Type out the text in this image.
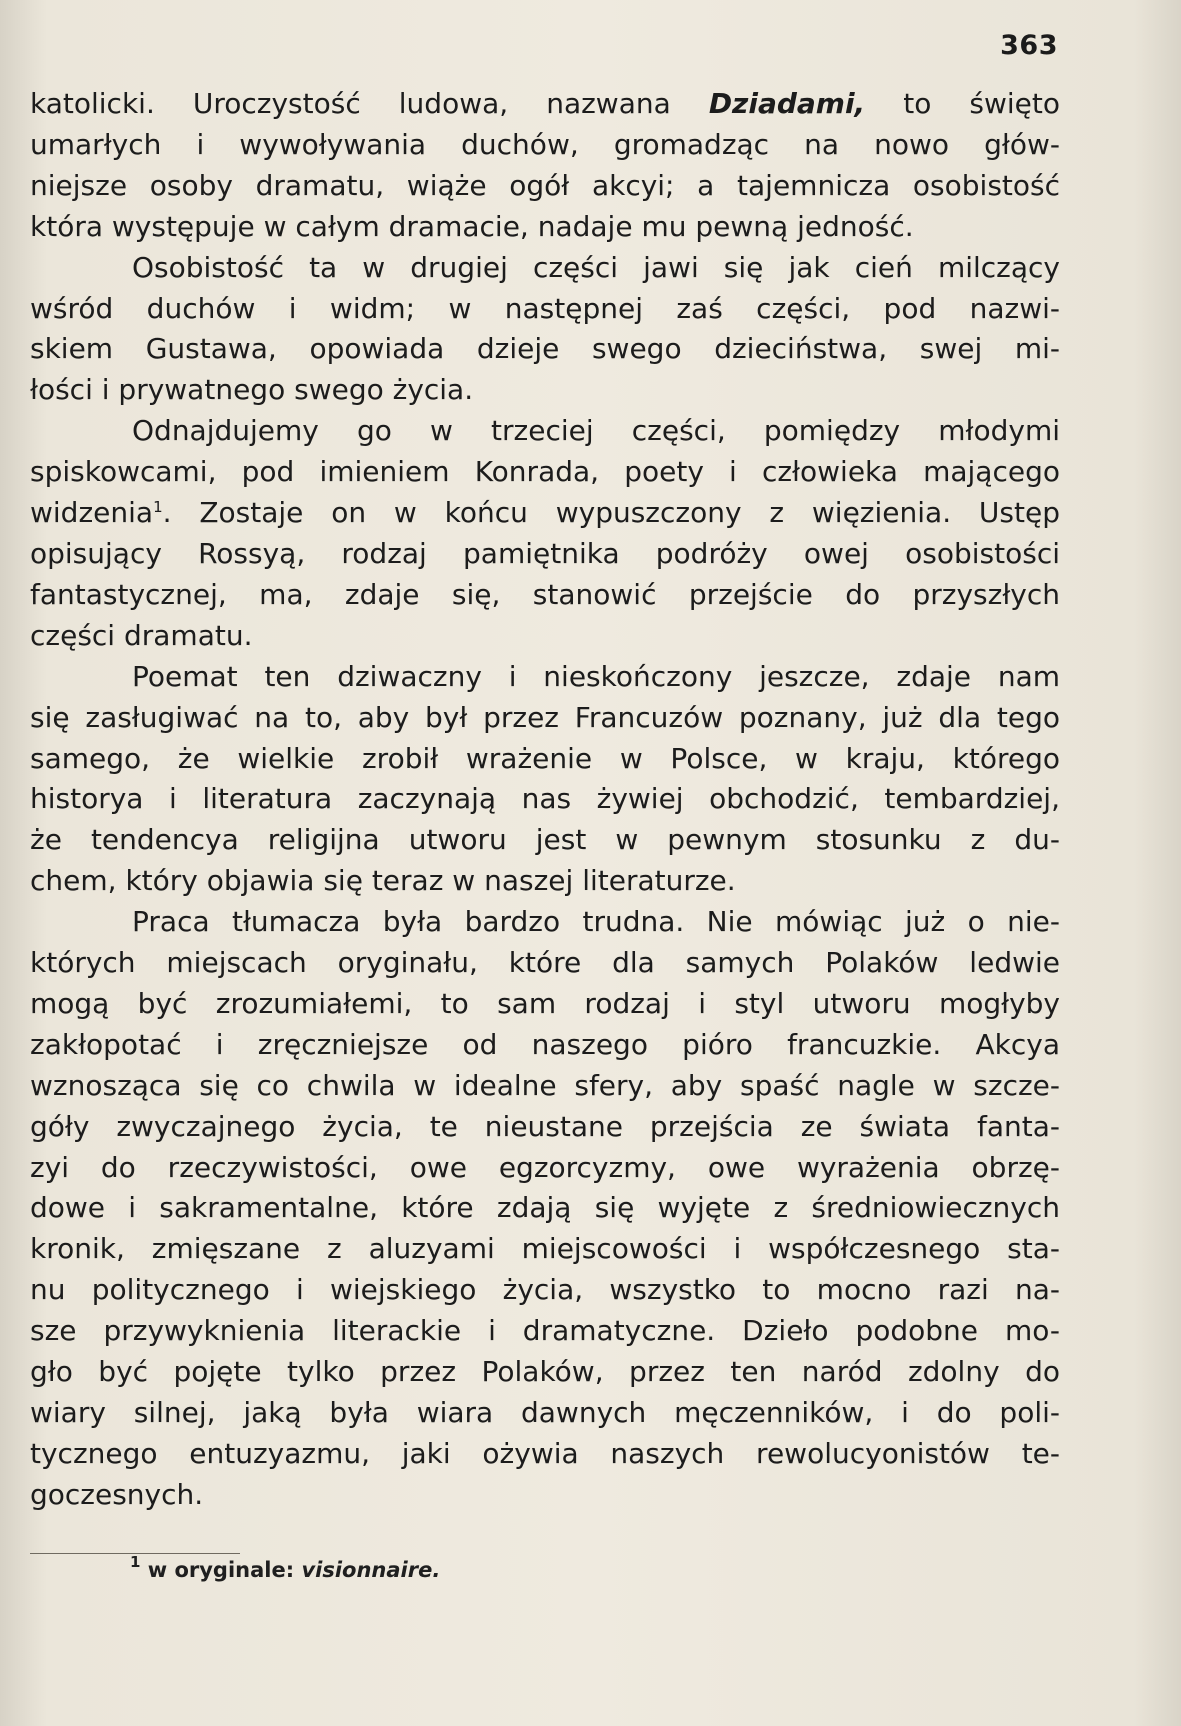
363
katolicki. Uroczystość ludowa, nazwana Dziadami, to święto
umarłych i wywoływania duchów, gromadząc na nowo głów-
niejsze osoby dramatu, wiąże ogół akcyi; a tajemnicza osobistość
która występuje w całym dramacie, nadaje mu pewną jedność.
Osobistość ta w drugiej części jawi się jak cień milczący
wśród duchów i widm; w następnej zaś części, pod nazwi-
skiem Gustawa, opowiada dzieje swego dzieciństwa, swej mi-
łości i prywatnego swego życia.
Odnajdujemy go w trzeciej części, pomiędzy młodymi
spiskowcami, pod imieniem Konrada, poety i człowieka mającego
widzenia$^1$. Zostaje on w końcu wypuszczony z więzienia. Ustęp
opisujący Rossyą, rodzaj pamiętnika podróży owej osobistości
fantastycznej, ma, zdaje się, stanowić przejście do przyszłych
części dramatu.
Poemat ten dziwaczny i nieskończony jeszcze, zdaje nam
się zasługiwać na to, aby był przez Francuzów poznany, już dla tego
samego, że wielkie zrobił wrażenie w Polsce, w kraju, którego
historya i literatura zaczynają nas żywiej obchodzić, tembardziej,
że tendencya religijna utworu jest w pewnym stosunku z du-
chem, który objawia się teraz w naszej literaturze.
Praca tłumacza była bardzo trudna. Nie mówiąc już o nie-
których miejscach oryginału, które dla samych Polaków ledwie
mogą być zrozumiałemi, to sam rodzaj i styl utworu mogłyby
zakłopotać i zręczniejsze od naszego pióro francuzkie. Akcya
wznosząca się co chwila w idealne sfery, aby spaść nagle w szcze-
góły zwyczajnego życia, te nieustane przejścia ze świata fanta-
zyi do rzeczywistości, owe egzorcyzmy, owe wyrażenia obrzę-
dowe i sakramentalne, które zdają się wyjęte z średniowiecznych
kronik, zmięszane z aluzyami miejscowości i współczesnego sta-
nu politycznego i wiejskiego życia, wszystko to mocno razi na-
sze przywyknienia literackie i dramatyczne. Dzieło podobne mo-
gło być pojęte tylko przez Polaków, przez ten naród zdolny do
wiary silnej, jaką była wiara dawnych męczenników, i do poli-
tycznego entuzyazmu, jaki ożywia naszych rewolucyonistów te-
goczesnych.
$^1$ w oryginale: visionnaire.
